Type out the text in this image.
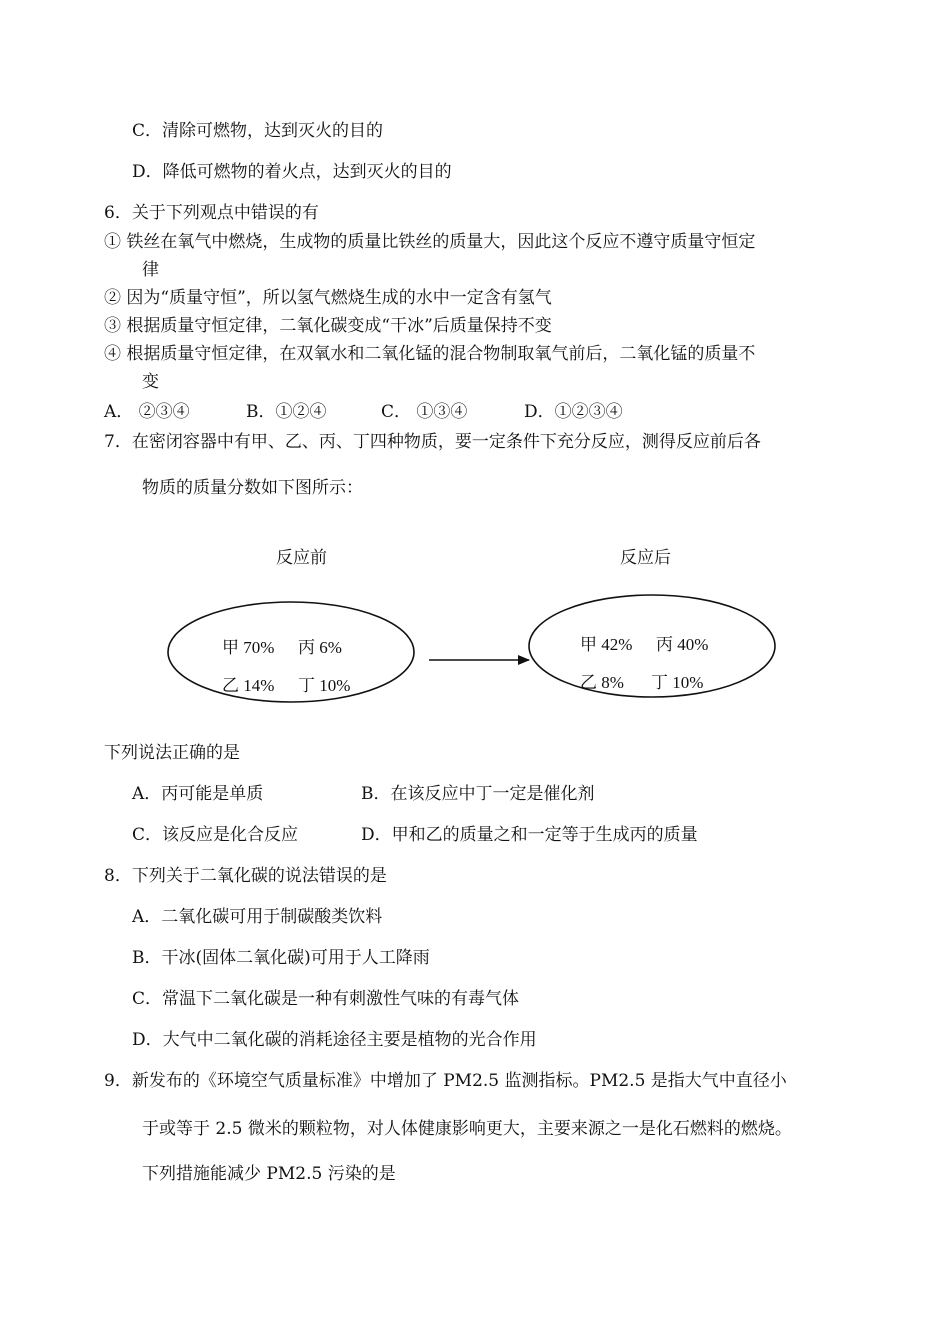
C．清除可燃物，达到灭火的目的
D．降低可燃物的着火点，达到灭火的目的
6．关于下列观点中错误的有
① 铁丝在氧气中燃烧，生成物的质量比铁丝的质量大，因此这个反应不遵守质量守恒定
律
② 因为“质量守恒”，所以氢气燃烧生成的水中一定含有氢气
③ 根据质量守恒定律，二氧化碳变成“干冰”后质量保持不变
④ 根据质量守恒定律，在双氧水和二氧化锰的混合物制取氧气前后，二氧化锰的质量不
变
A． ②③④	B．①②④	C． ①③④	D．①②③④
7．在密闭容器中有甲、乙、丙、丁四种物质，要一定条件下充分反应，测得反应前后各
物质的质量分数如下图所示：
反应前	反应后
甲 70% 丙 6%
乙 14% 丁 10%
甲 42% 丙 40%
乙 8% 丁 10%
下列说法正确的是
A．丙可能是单质	B．在该反应中丁一定是催化剂
C．该反应是化合反应	D．甲和乙的质量之和一定等于生成丙的质量
8．下列关于二氧化碳的说法错误的是
A．二氧化碳可用于制碳酸类饮料
B．干冰(固体二氧化碳)可用于人工降雨
C．常温下二氧化碳是一种有刺激性气味的有毒气体
D．大气中二氧化碳的消耗途径主要是植物的光合作用
9．新发布的《环境空气质量标准》中增加了 PM2.5 监测指标。PM2.5 是指大气中直径小
于或等于 2.5 微米的颗粒物，对人体健康影响更大，主要来源之一是化石燃料的燃烧。
下列措施能减少 PM2.5 污染的是
